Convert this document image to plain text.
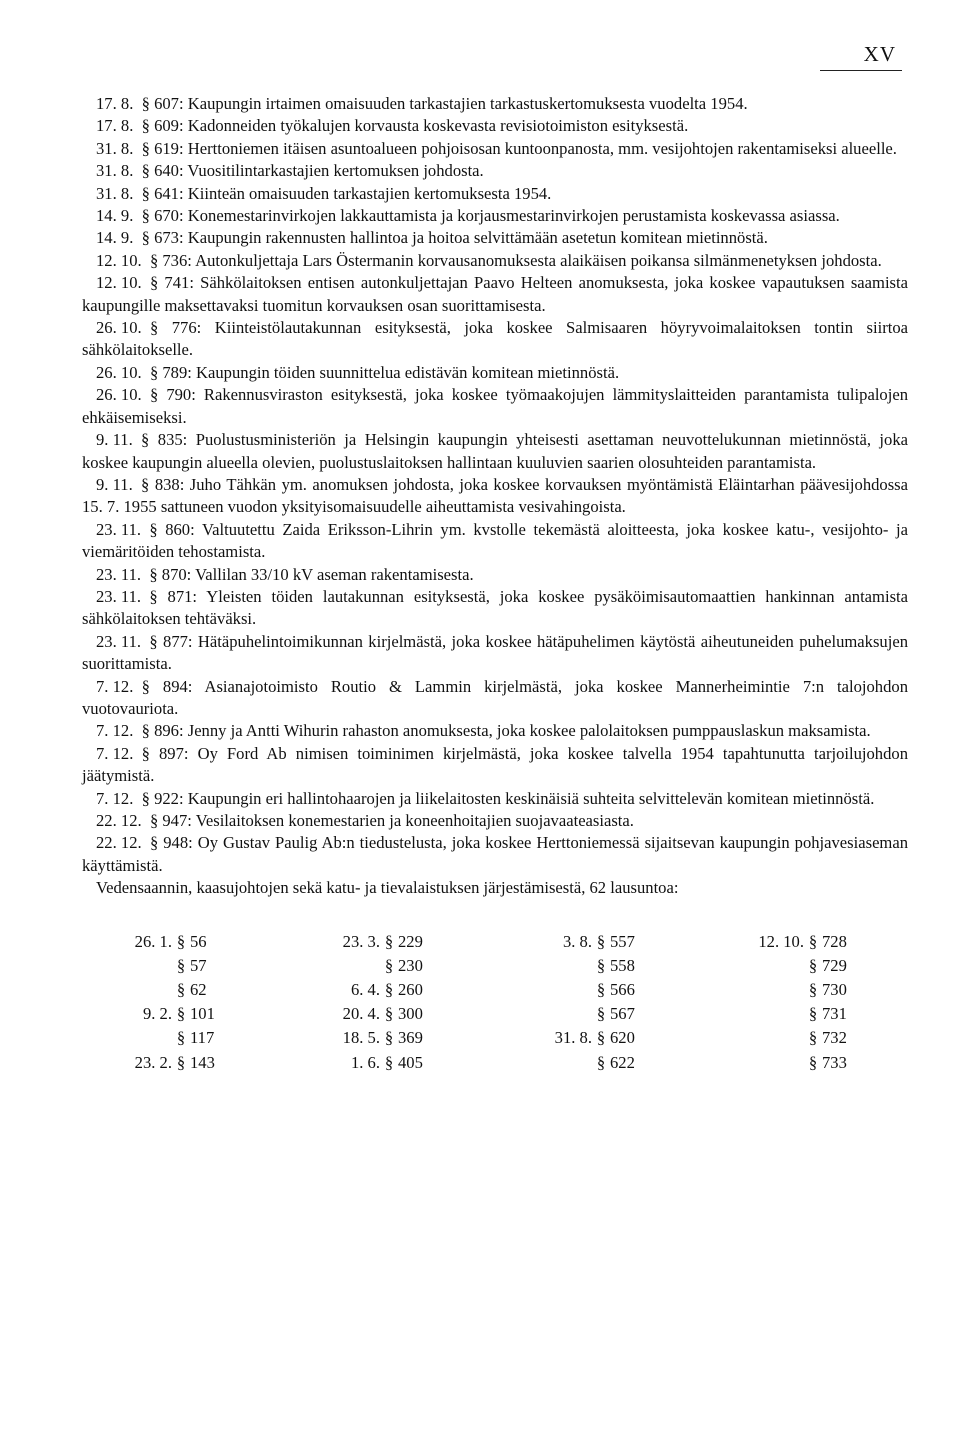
XV

17. 8.  § 607: Kaupungin irtaimen omaisuuden tarkastajien tarkastuskertomuksesta vuodelta 1954.

17. 8.  § 609: Kadonneiden työkalujen korvausta koskevasta revisiotoimiston esityksestä.

31. 8.  § 619: Herttoniemen itäisen asuntoalueen pohjoisosan kuntoonpanosta, mm. vesijohtojen rakentamiseksi alueelle.

31. 8.  § 640: Vuositilintarkastajien kertomuksen johdosta.

31. 8.  § 641: Kiinteän omaisuuden tarkastajien kertomuksesta 1954.

14. 9.  § 670: Konemestarinvirkojen lakkauttamista ja korjausmestarinvirkojen perustamista koskevassa asiassa.

14. 9.  § 673: Kaupungin rakennusten hallintoa ja hoitoa selvittämään asetetun komitean mietinnöstä.

12. 10.  § 736: Autonkuljettaja Lars Östermanin korvausanomuksesta alaikäisen poikansa silmänmenetyksen johdosta.

12. 10.  § 741: Sähkölaitoksen entisen autonkuljettajan Paavo Helteen anomuksesta, joka koskee vapautuksen saamista kaupungille maksettavaksi tuomitun korvauksen osan suorittamisesta.

26. 10.  § 776: Kiinteistölautakunnan esityksestä, joka koskee Salmisaaren höyryvoimalaitoksen tontin siirtoa sähkölaitokselle.

26. 10.  § 789: Kaupungin töiden suunnittelua edistävän komitean mietinnöstä.

26. 10.  § 790: Rakennusviraston esityksestä, joka koskee työmaakojujen lämmityslaitteiden parantamista tulipalojen ehkäisemiseksi.

9. 11.  § 835: Puolustusministeriön ja Helsingin kaupungin yhteisesti asettaman neuvottelukunnan mietinnöstä, joka koskee kaupungin alueella olevien, puolustuslaitoksen hallintaan kuuluvien saarien olosuhteiden parantamista.

9. 11.  § 838: Juho Tähkän ym. anomuksen johdosta, joka koskee korvauksen myöntämistä Eläintarhan päävesijohdossa 15. 7. 1955 sattuneen vuodon yksityisomaisuudelle aiheuttamista vesivahingoista.

23. 11.  § 860: Valtuutettu Zaida Eriksson-Lihrin ym. kvstolle tekemästä aloitteesta, joka koskee katu-, vesijohto- ja viemäritöiden tehostamista.

23. 11.  § 870: Vallilan 33/10 kV aseman rakentamisesta.

23. 11.  § 871: Yleisten töiden lautakunnan esityksestä, joka koskee pysäköimisautomaattien hankinnan antamista sähkölaitoksen tehtäväksi.

23. 11.  § 877: Hätäpuhelintoimikunnan kirjelmästä, joka koskee hätäpuhelimen käytöstä aiheutuneiden puhelumaksujen suorittamista.

7. 12.  § 894: Asianajotoimisto Routio & Lammin kirjelmästä, joka koskee Mannerheimintie 7:n talojohdon vuotovauriota.

7. 12.  § 896: Jenny ja Antti Wihurin rahaston anomuksesta, joka koskee palolaitoksen pumppauslaskun maksamista.

7. 12.  § 897: Oy Ford Ab nimisen toiminimen kirjelmästä, joka koskee talvella 1954 tapahtunutta tarjoilujohdon jäätymistä.

7. 12.  § 922: Kaupungin eri hallintohaarojen ja liikelaitosten keskinäisiä suhteita selvittelevän komitean mietinnöstä.

22. 12.  § 947: Vesilaitoksen konemestarien ja koneenhoitajien suojavaateasiasta.

22. 12.  § 948: Oy Gustav Paulig Ab:n tiedustelusta, joka koskee Herttoniemessä sijaitsevan kaupungin pohjavesiaseman käyttämistä.

Vedensaannin, kaasujohtojen sekä katu- ja tievalaistuksen järjestämisestä, 62 lausuntoa:

26. 1. § 56
§ 57
§ 62
9. 2. § 101
§ 117
23. 2. § 143
23. 3. § 229
§ 230
6. 4. § 260
20. 4. § 300
18. 5. § 369
1. 6. § 405
3. 8. § 557
§ 558
§ 566
§ 567
31. 8. § 620
§ 622
12. 10. § 728
§ 729
§ 730
§ 731
§ 732
§ 733
